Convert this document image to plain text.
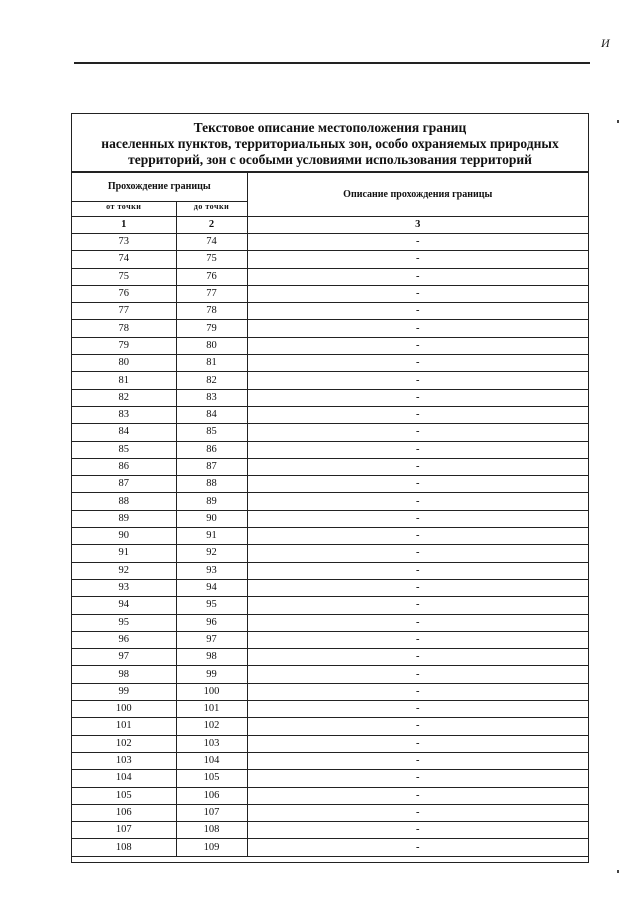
И
Текстовое описание местоположения границ
населенных пунктов, территориальных зон, особо охраняемых природных
территорий, зон с особыми условиями использования территорий
Прохождение границы		Описание прохождения границы
от точки	до точки	
1	2	3
73	74	-
74	75	-
75	76	-
76	77	-
77	78	-
78	79	-
79	80	-
80	81	-
81	82	-
82	83	-
83	84	-
84	85	-
85	86	-
86	87	-
87	88	-
88	89	-
89	90	-
90	91	-
91	92	-
92	93	-
93	94	-
94	95	-
95	96	-
96	97	-
97	98	-
98	99	-
99	100	-
100	101	-
101	102	-
102	103	-
103	104	-
104	105	-
105	106	-
106	107	-
107	108	-
108	109	-
